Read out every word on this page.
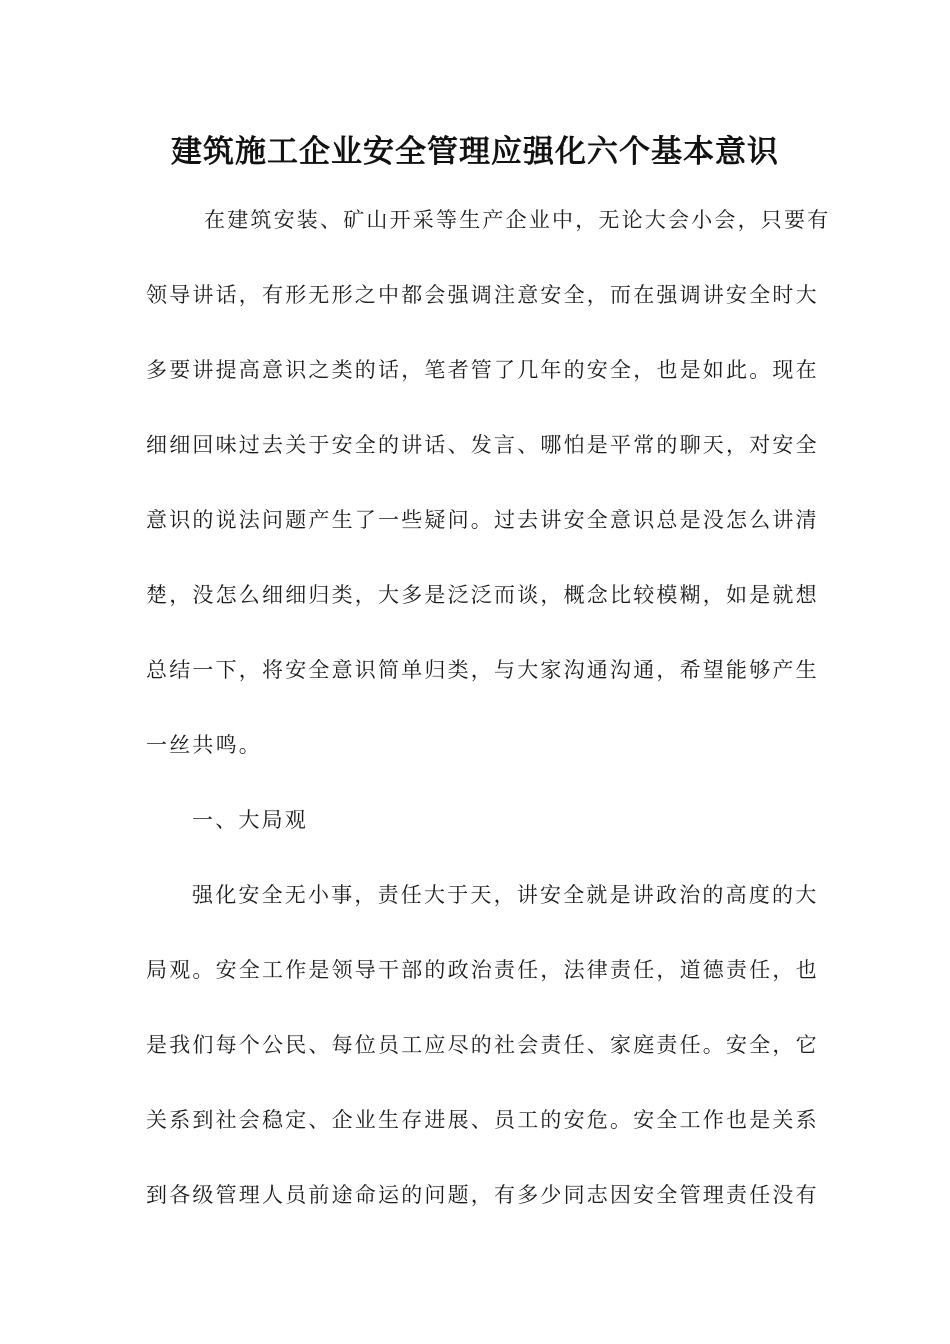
建筑施工企业安全管理应强化六个基本意识
在建筑安装、矿山开采等生产企业中，无论大会小会，只要有
领导讲话，有形无形之中都会强调注意安全，而在强调讲安全时大
多要讲提高意识之类的话，笔者管了几年的安全，也是如此。现在
细细回味过去关于安全的讲话、发言、哪怕是平常的聊天，对安全
意识的说法问题产生了一些疑问。过去讲安全意识总是没怎么讲清
楚，没怎么细细归类，大多是泛泛而谈，概念比较模糊，如是就想
总结一下，将安全意识简单归类，与大家沟通沟通，希望能够产生
一丝共鸣。
一、大局观
强化安全无小事，责任大于天，讲安全就是讲政治的高度的大
局观。安全工作是领导干部的政治责任，法律责任，道德责任，也
是我们每个公民、每位员工应尽的社会责任、家庭责任。安全，它
关系到社会稳定、企业生存进展、员工的安危。安全工作也是关系
到各级管理人员前途命运的问题，有多少同志因安全管理责任没有
